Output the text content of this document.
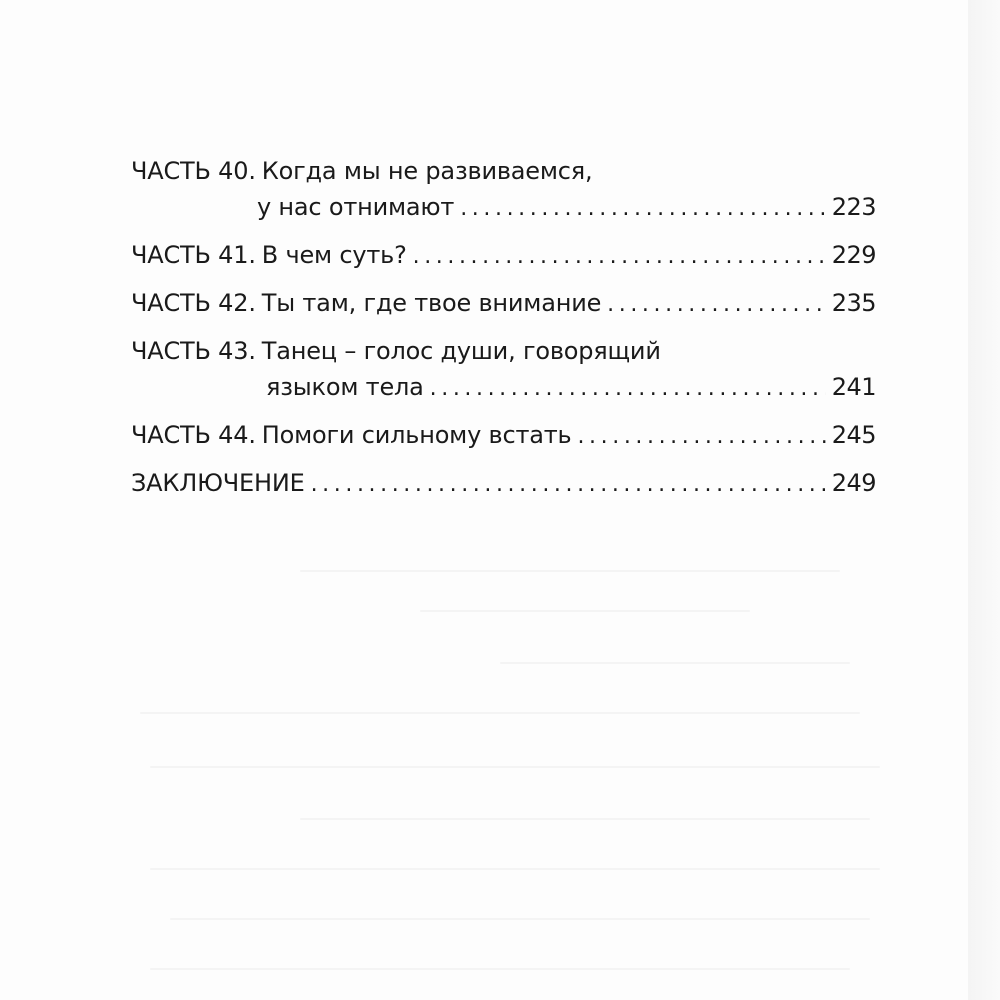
ЧАСТЬ 40. Когда мы не развиваемся,
у нас отнимают . . .	223
ЧАСТЬ 41. В чем суть? . . .	229
ЧАСТЬ 42. Ты там, где твое внимание . . .	235
ЧАСТЬ 43. Танец – голос души, говорящий
языком тела . . .	241
ЧАСТЬ 44. Помоги сильному встать . . .	245
ЗАКЛЮЧЕНИЕ . . .	249
